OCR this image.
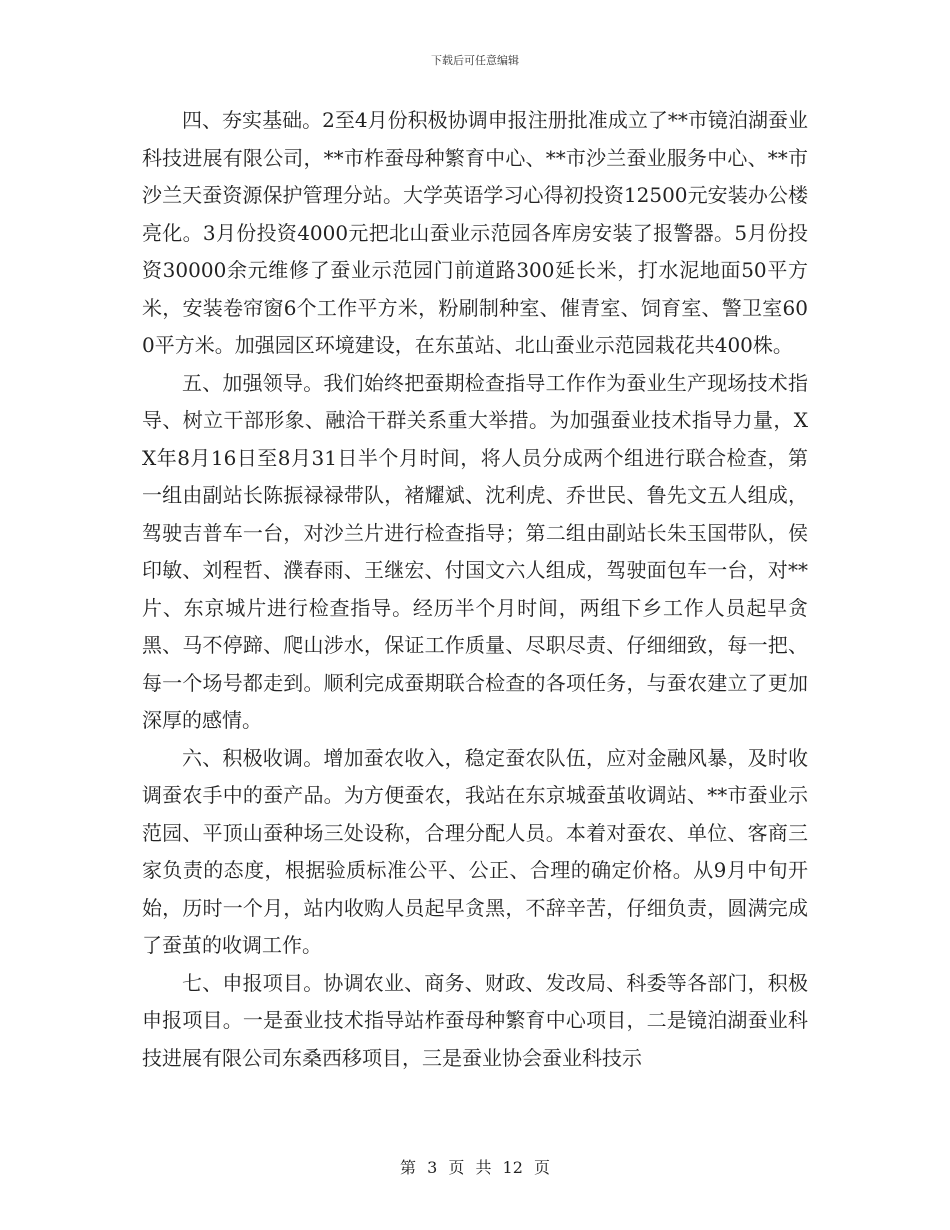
下载后可任意编辑

四、夯实基础。2至4月份积极协调申报注册批准成立了**市镜泊湖蚕业科技进展有限公司，**市柞蚕母种繁育中心、**市沙兰蚕业服务中心、**市沙兰天蚕资源保护管理分站。大学英语学习心得初投资12500元安装办公楼亮化。3月份投资4000元把北山蚕业示范园各库房安装了报警器。5月份投资30000余元维修了蚕业示范园门前道路300延长米，打水泥地面50平方米，安装卷帘窗6个工作平方米，粉刷制种室、催青室、饲育室、警卫室600平方米。加强园区环境建设，在东茧站、北山蚕业示范园栽花共400株。

五、加强领导。我们始终把蚕期检查指导工作作为蚕业生产现场技术指导、树立干部形象、融洽干群关系重大举措。为加强蚕业技术指导力量，XX年8月16日至8月31日半个月时间，将人员分成两个组进行联合检查，第一组由副站长陈振禄禄带队，褚耀斌、沈利虎、乔世民、鲁先文五人组成，驾驶吉普车一台，对沙兰片进行检查指导；第二组由副站长朱玉国带队，侯印敏、刘程哲、濮春雨、王继宏、付国文六人组成，驾驶面包车一台，对**片、东京城片进行检查指导。经历半个月时间，两组下乡工作人员起早贪黑、马不停蹄、爬山涉水，保证工作质量、尽职尽责、仔细细致，每一把、每一个场号都走到。顺利完成蚕期联合检查的各项任务，与蚕农建立了更加深厚的感情。

六、积极收调。增加蚕农收入，稳定蚕农队伍，应对金融风暴，及时收调蚕农手中的蚕产品。为方便蚕农，我站在东京城蚕茧收调站、**市蚕业示范园、平顶山蚕种场三处设称，合理分配人员。本着对蚕农、单位、客商三家负责的态度，根据验质标准公平、公正、合理的确定价格。从9月中旬开始，历时一个月，站内收购人员起早贪黑，不辞辛苦，仔细负责，圆满完成了蚕茧的收调工作。

七、申报项目。协调农业、商务、财政、发改局、科委等各部门，积极申报项目。一是蚕业技术指导站柞蚕母种繁育中心项目，二是镜泊湖蚕业科技进展有限公司东桑西移项目，三是蚕业协会蚕业科技示

第 3 页 共 12 页
